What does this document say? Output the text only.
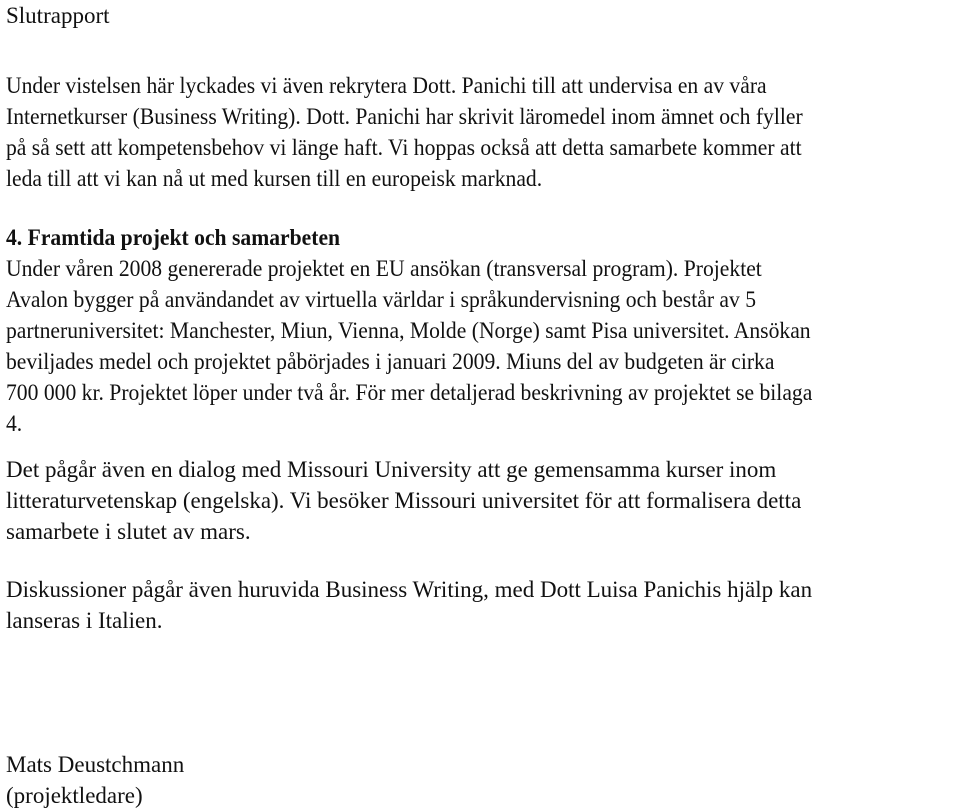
Slutrapport
Under vistelsen här lyckades vi även rekrytera Dott. Panichi till att undervisa en av våra
Internetkurser (Business Writing). Dott. Panichi har skrivit läromedel inom ämnet och fyller
på så sett att kompetensbehov vi länge haft. Vi hoppas också att detta samarbete kommer att
leda till att vi kan nå ut med kursen till en europeisk marknad.
4. Framtida projekt och samarbeten
Under våren 2008 genererade projektet en EU ansökan (transversal program). Projektet
Avalon bygger på användandet av virtuella världar i språkundervisning och består av 5
partneruniversitet: Manchester, Miun, Vienna, Molde (Norge) samt Pisa universitet. Ansökan
beviljades medel och projektet påbörjades i januari 2009. Miuns del av budgeten är cirka
700 000 kr. Projektet löper under två år. För mer detaljerad beskrivning av projektet se bilaga
4.
Det pågår även en dialog med Missouri University att ge gemensamma kurser inom
litteraturvetenskap (engelska). Vi besöker Missouri universitet för att formalisera detta
samarbete i slutet av mars.
Diskussioner pågår även huruvida Business Writing, med Dott Luisa Panichis hjälp kan
lanseras i Italien.
Mats Deustchmann
(projektledare)
